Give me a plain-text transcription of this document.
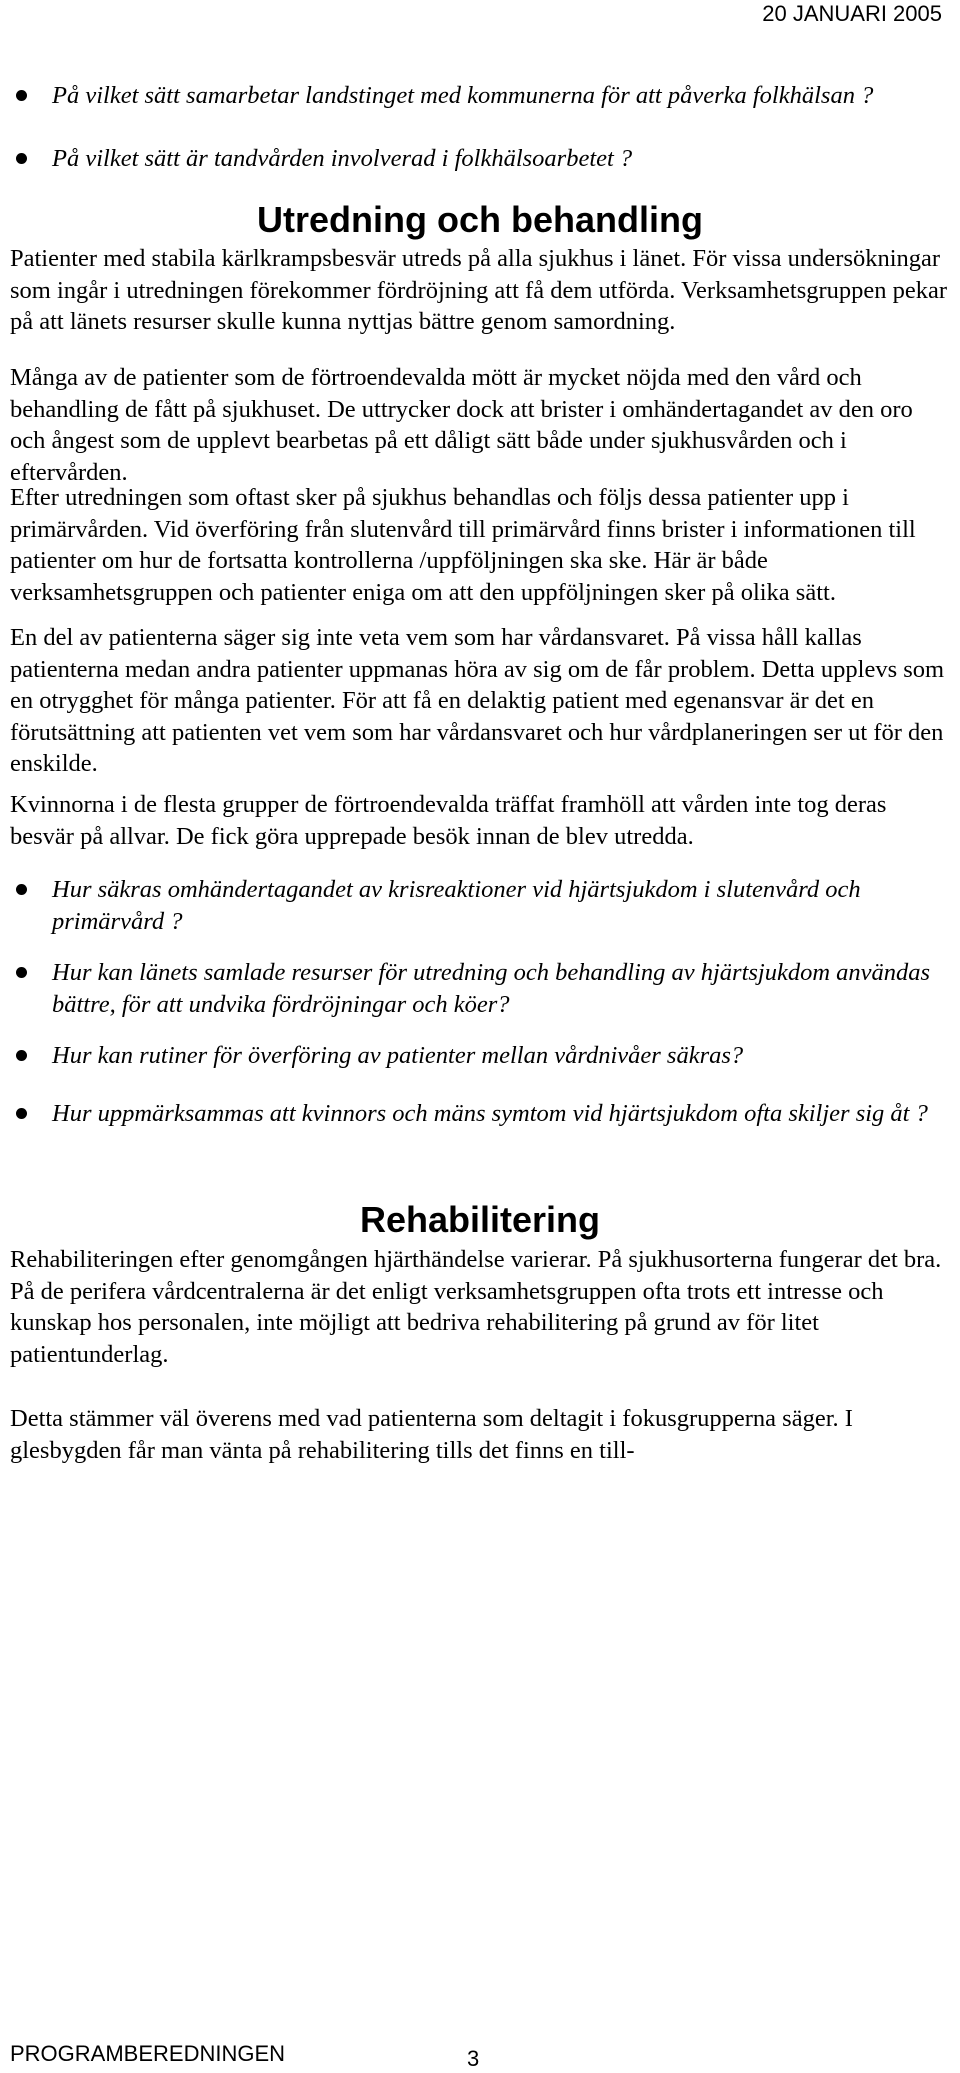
20 JANUARI 2005
På vilket sätt samarbetar landstinget med kommunerna för att påverka folkhälsan ?
På vilket sätt är tandvården involverad i folkhälsoarbetet ?
Utredning och behandling
Patienter med stabila kärlkrampsbesvär utreds på alla sjukhus i länet. För vissa undersökningar som ingår i utredningen förekommer fördröjning att få dem utförda. Verksamhetsgruppen pekar på att länets resurser skulle kunna nyttjas bättre genom samordning.
Många av de patienter som de förtroendevalda mött är mycket nöjda med den vård och behandling de fått på sjukhuset. De uttrycker dock att brister i omhändertagandet av den oro och ångest som de upplevt bearbetas på ett dåligt sätt både under sjukhusvården och i eftervården.
Efter utredningen som oftast sker på sjukhus behandlas och följs dessa patienter upp i primärvården. Vid överföring från slutenvård till primärvård finns brister i informationen till patienter om hur de fortsatta kontrollerna /uppföljningen ska ske. Här är både verksamhetsgruppen och patienter eniga om att den uppföljningen sker på olika sätt.
En del av patienterna säger sig inte veta vem som har vårdansvaret. På vissa håll kallas patienterna medan andra patienter uppmanas höra av sig om de får problem. Detta upplevs som en otrygghet för många patienter. För att få en delaktig patient med egenansvar är det en förutsättning att patienten vet vem som har vårdansvaret och hur vårdplaneringen ser ut för den enskilde.
Kvinnorna i de flesta grupper de förtroendevalda träffat framhöll att vården inte tog deras besvär på allvar. De fick göra upprepade besök innan de blev utredda.
Hur säkras omhändertagandet av krisreaktioner vid hjärtsjukdom i slutenvård och primärvård ?
Hur kan länets samlade resurser för utredning och behandling av hjärtsjukdom användas bättre, för att undvika fördröjningar och köer?
Hur kan rutiner för överföring av patienter mellan vårdnivåer säkras?
Hur uppmärksammas att kvinnors och mäns symtom vid hjärtsjukdom ofta skiljer sig åt ?
Rehabilitering
Rehabiliteringen efter genomgången hjärthändelse varierar. På sjukhusorterna fungerar det bra. På de perifera vårdcentralerna är det enligt verksamhetsgruppen ofta trots ett intresse och kunskap hos personalen, inte möjligt att bedriva rehabilitering på grund av för litet patientunderlag.
Detta stämmer väl överens med vad patienterna som deltagit i fokusgrupperna säger. I glesbygden får man vänta på rehabilitering tills det finns en till-
PROGRAMBEREDNINGEN	3
